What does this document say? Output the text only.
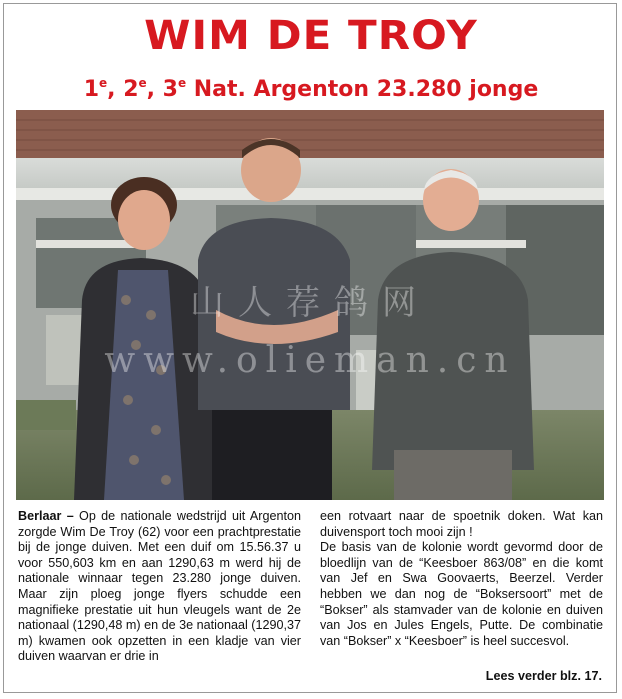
WIM DE TROY
1e, 2e, 3e Nat. Argenton 23.280 jonge
山人荐鸽网
www.olieman.cn

Berlaar – Op de nationale wedstrijd uit Argenton zorgde Wim De Troy (62) voor een prachtprestatie bij de jonge duiven. Met een duif om 15.56.37 u voor 550,603 km en aan 1290,63 m werd hij de nationale winnaar tegen 23.280 jonge duiven. Maar zijn ploeg jonge flyers schudde een magnifieke prestatie uit hun vleugels want de 2e nationaal (1290,48 m) en de 3e nationaal (1290,37 m) kwamen ook opzetten in een kladje van vier duiven waarvan er drie in

een rotvaart naar de spoetnik doken. Wat kan duivensport toch mooi zijn !

De basis van de kolonie wordt gevormd door de bloedlijn van de “Keesboer 863/08” en die komt van Jef en Swa Goovaerts, Beerzel. Verder hebben we dan nog de “Boksersoort” met de “Bokser” als stamvader van de kolonie en duiven van Jos en Jules Engels, Putte. De combinatie van “Bokser” x “Keesboer” is heel succesvol.

Lees verder blz. 17.
